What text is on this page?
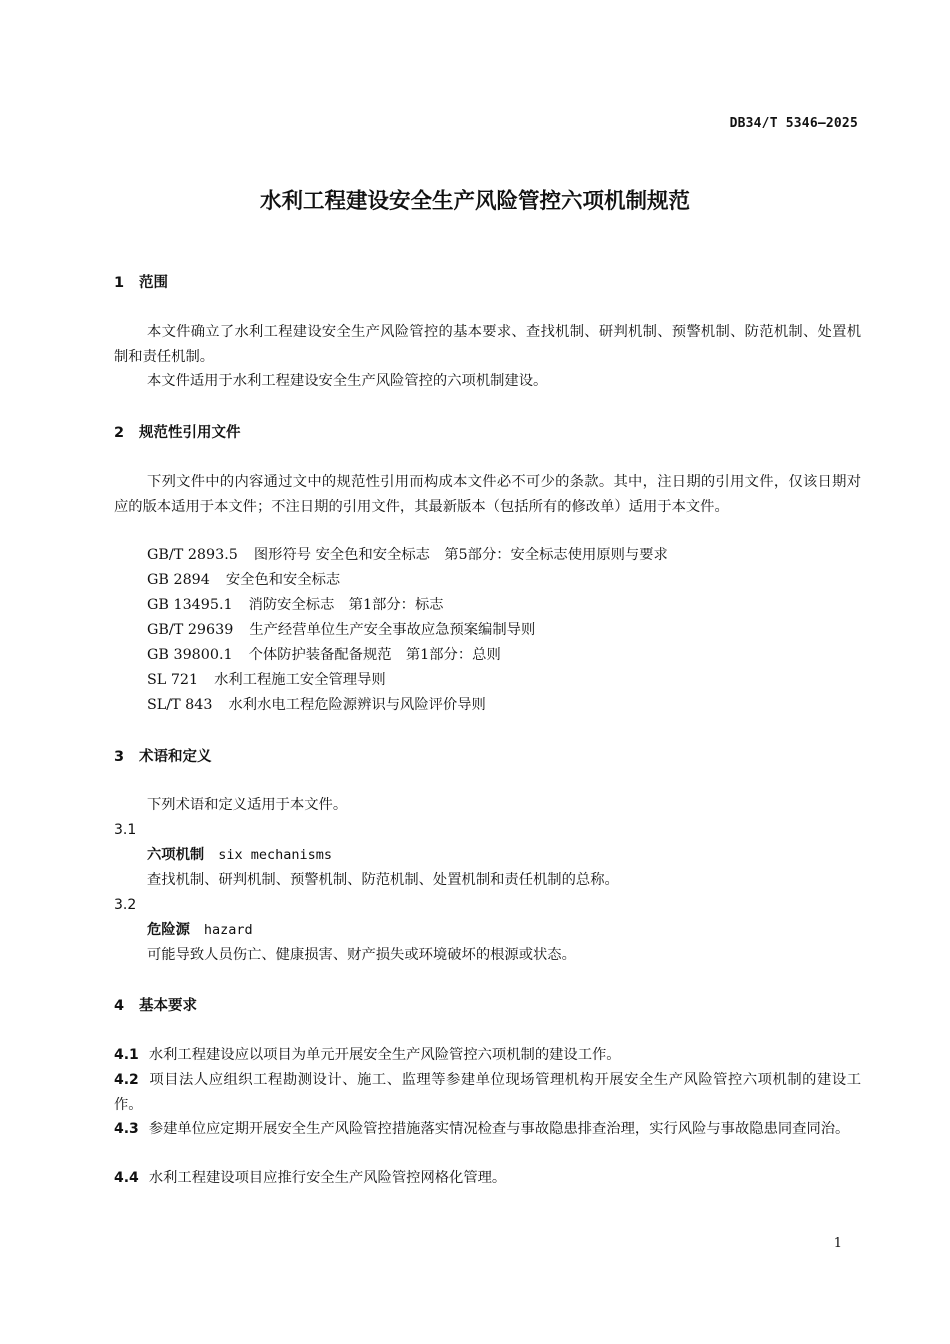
DB34/T 5346—2025
水利工程建设安全生产风险管控六项机制规范
1 范围
本文件确立了水利工程建设安全生产风险管控的基本要求、查找机制、研判机制、预警机制、防范机制、处置机制和责任机制。
本文件适用于水利工程建设安全生产风险管控的六项机制建设。
2 规范性引用文件
下列文件中的内容通过文中的规范性引用而构成本文件必不可少的条款。其中，注日期的引用文件，仅该日期对应的版本适用于本文件；不注日期的引用文件，其最新版本（包括所有的修改单）适用于本文件。
GB/T 2893.5 图形符号 安全色和安全标志　第5部分：安全标志使用原则与要求
GB 2894 安全色和安全标志
GB 13495.1 消防安全标志　第1部分：标志
GB/T 29639 生产经营单位生产安全事故应急预案编制导则
GB 39800.1 个体防护装备配备规范　第1部分：总则
SL 721 水利工程施工安全管理导则
SL/T 843 水利水电工程危险源辨识与风险评价导则
3 术语和定义
下列术语和定义适用于本文件。
3.1
六项机制 six mechanisms
查找机制、研判机制、预警机制、防范机制、处置机制和责任机制的总称。
3.2
危险源 hazard
可能导致人员伤亡、健康损害、财产损失或环境破坏的根源或状态。
4 基本要求
4.1 水利工程建设应以项目为单元开展安全生产风险管控六项机制的建设工作。
4.2 项目法人应组织工程勘测设计、施工、监理等参建单位现场管理机构开展安全生产风险管控六项机制的建设工作。
4.3 参建单位应定期开展安全生产风险管控措施落实情况检查与事故隐患排查治理，实行风险与事故隐患同查同治。
4.4 水利工程建设项目应推行安全生产风险管控网格化管理。
1
